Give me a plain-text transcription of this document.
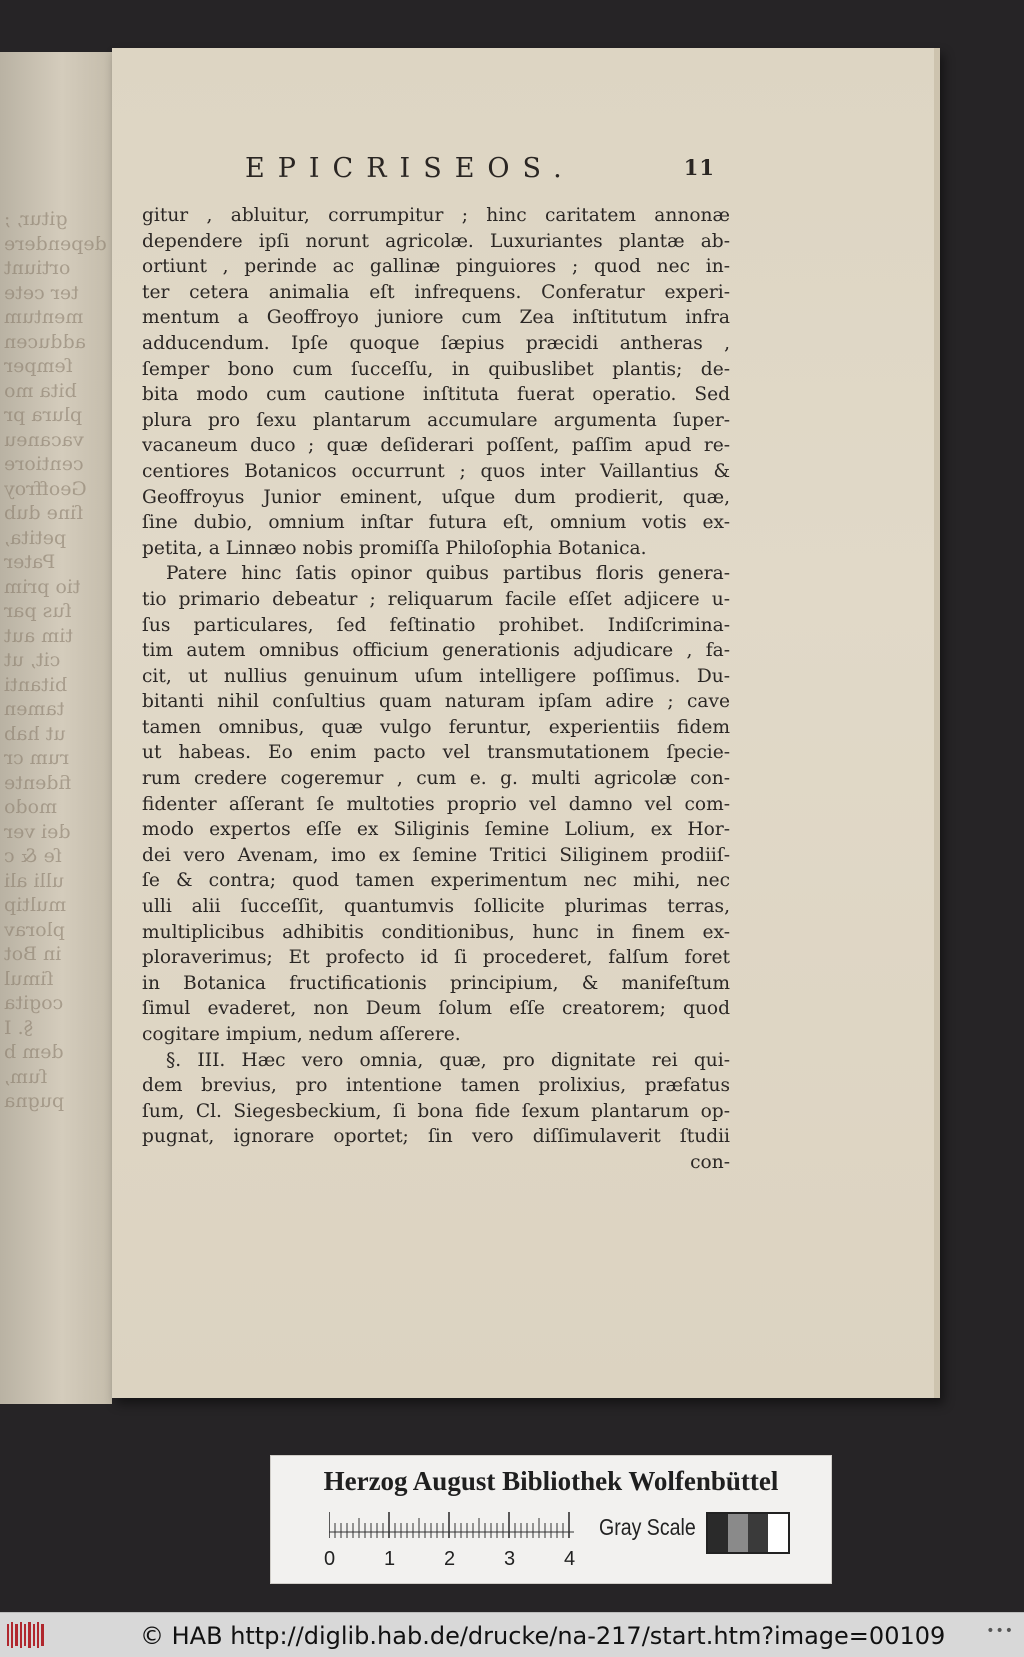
gitur, ;
dependere
ortiunt
ter cete
mentum
adducen
ſemper
bita mo
plura pr
vacaneu
centiore
Geoffroy
ſine dub
petita,
Pater
tio prim
ſus par
tim aut
cit, ut
bitanti
tamen
ut hab
rum cr
fidente
modo
dei ver
ſe & c
ulli ali
multip
plorav
in Bot
ſimul
cogita
§. I
dem b
ſum,
pugna
EPICRISEOS.	11
gitur , abluitur, corrumpitur ; hinc caritatem annonæ
dependere ipſi norunt agricolæ. Luxuriantes plantæ ab-
ortiunt , perinde ac gallinæ pinguiores ; quod nec in-
ter cetera animalia eſt infrequens. Conferatur experi-
mentum a Geoffroyo juniore cum Zea inſtitutum infra
adducendum. Ipſe quoque ſæpius præcidi antheras ,
ſemper bono cum ſucceſſu, in quibuslibet plantis; de-
bita modo cum cautione inſtituta fuerat operatio. Sed
plura pro ſexu plantarum accumulare argumenta ſuper-
vacaneum duco ; quæ deſiderari poſſent, paſſim apud re-
centiores Botanicos occurrunt ; quos inter Vaillantius &
Geoffroyus Junior eminent, uſque dum prodierit, quæ,
ſine dubio, omnium inſtar futura eſt, omnium votis ex-
petita, a Linnæo nobis promiſſa Philoſophia Botanica.
Patere hinc ſatis opinor quibus partibus floris genera-
tio primario debeatur ; reliquarum facile eſſet adjicere u-
ſus particulares, ſed feſtinatio prohibet. Indiſcrimina-
tim autem omnibus officium generationis adjudicare , fa-
cit, ut nullius genuinum uſum intelligere poſſimus. Du-
bitanti nihil conſultius quam naturam ipſam adire ; cave
tamen omnibus, quæ vulgo feruntur, experientiis fidem
ut habeas. Eo enim pacto vel transmutationem ſpecie-
rum credere cogeremur , cum e. g. multi agricolæ con-
fidenter aſſerant ſe multoties proprio vel damno vel com-
modo expertos eſſe ex Siliginis ſemine Lolium, ex Hor-
dei vero Avenam, imo ex ſemine Tritici Siliginem prodiiſ-
ſe & contra; quod tamen experimentum nec mihi, nec
ulli alii ſucceſſit, quantumvis ſollicite plurimas terras,
multiplicibus adhibitis conditionibus, hunc in finem ex-
ploraverimus; Et profecto id ſi procederet, falſum foret
in Botanica fructificationis principium, & manifeſtum
ſimul evaderet, non Deum ſolum eſſe creatorem; quod
cogitare impium, nedum aſſerere.
§. III. Hæc vero omnia, quæ, pro dignitate rei qui-
dem brevius, pro intentione tamen prolixius, præfatus
ſum, Cl. Siegesbeckium, ſi bona fide ſexum plantarum op-
pugnat, ignorare oportet; ſin vero diſſimulaverit ſtudii
con-
Herzog August Bibliothek Wolfenbüttel
0 1 2 3 4
Gray Scale
© HAB http://diglib.hab.de/drucke/na-217/start.htm?image=00109	•••
